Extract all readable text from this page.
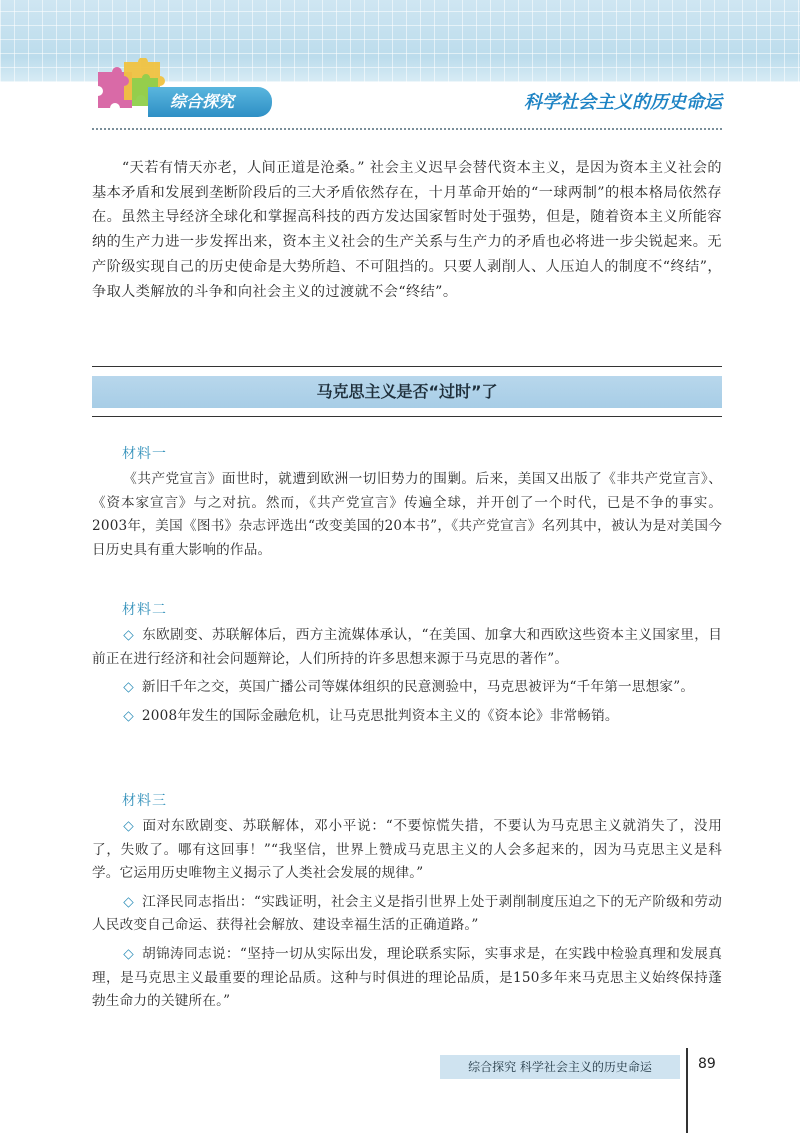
综合探究	科学社会主义的历史命运
“天若有情天亦老，人间正道是沧桑。” 社会主义迟早会替代资本主义，是因为资本主义社会的基本矛盾和发展到垄断阶段后的三大矛盾依然存在，十月革命开始的“一球两制”的根本格局依然存在。虽然主导经济全球化和掌握高科技的西方发达国家暂时处于强势，但是，随着资本主义所能容纳的生产力进一步发挥出来，资本主义社会的生产关系与生产力的矛盾也必将进一步尖锐起来。无产阶级实现自己的历史使命是大势所趋、不可阻挡的。只要人剥削人、人压迫人的制度不“终结”，争取人类解放的斗争和向社会主义的过渡就不会“终结”。
马克思主义是否“过时”了
材料一
《共产党宣言》面世时，就遭到欧洲一切旧势力的围剿。后来，美国又出版了《非共产党宣言》、《资本家宣言》与之对抗。然而，《共产党宣言》传遍全球，并开创了一个时代，已是不争的事实。2003年，美国《图书》杂志评选出“改变美国的20本书”，《共产党宣言》名列其中，被认为是对美国今日历史具有重大影响的作品。
材料二
◇ 东欧剧变、苏联解体后，西方主流媒体承认，“在美国、加拿大和西欧这些资本主义国家里，目前正在进行经济和社会问题辩论，人们所持的许多思想来源于马克思的著作”。
◇ 新旧千年之交，英国广播公司等媒体组织的民意测验中，马克思被评为“千年第一思想家”。
◇ 2008年发生的国际金融危机，让马克思批判资本主义的《资本论》非常畅销。
材料三
◇ 面对东欧剧变、苏联解体，邓小平说：“不要惊慌失措，不要认为马克思主义就消失了，没用了，失败了。哪有这回事！”“我坚信，世界上赞成马克思主义的人会多起来的，因为马克思主义是科学。它运用历史唯物主义揭示了人类社会发展的规律。”
◇ 江泽民同志指出：“实践证明，社会主义是指引世界上处于剥削制度压迫之下的无产阶级和劳动人民改变自己命运、获得社会解放、建设幸福生活的正确道路。”
◇ 胡锦涛同志说：“坚持一切从实际出发，理论联系实际，实事求是，在实践中检验真理和发展真理，是马克思主义最重要的理论品质。这种与时俱进的理论品质，是150多年来马克思主义始终保持蓬勃生命力的关键所在。”
综合探究 科学社会主义的历史命运	89
